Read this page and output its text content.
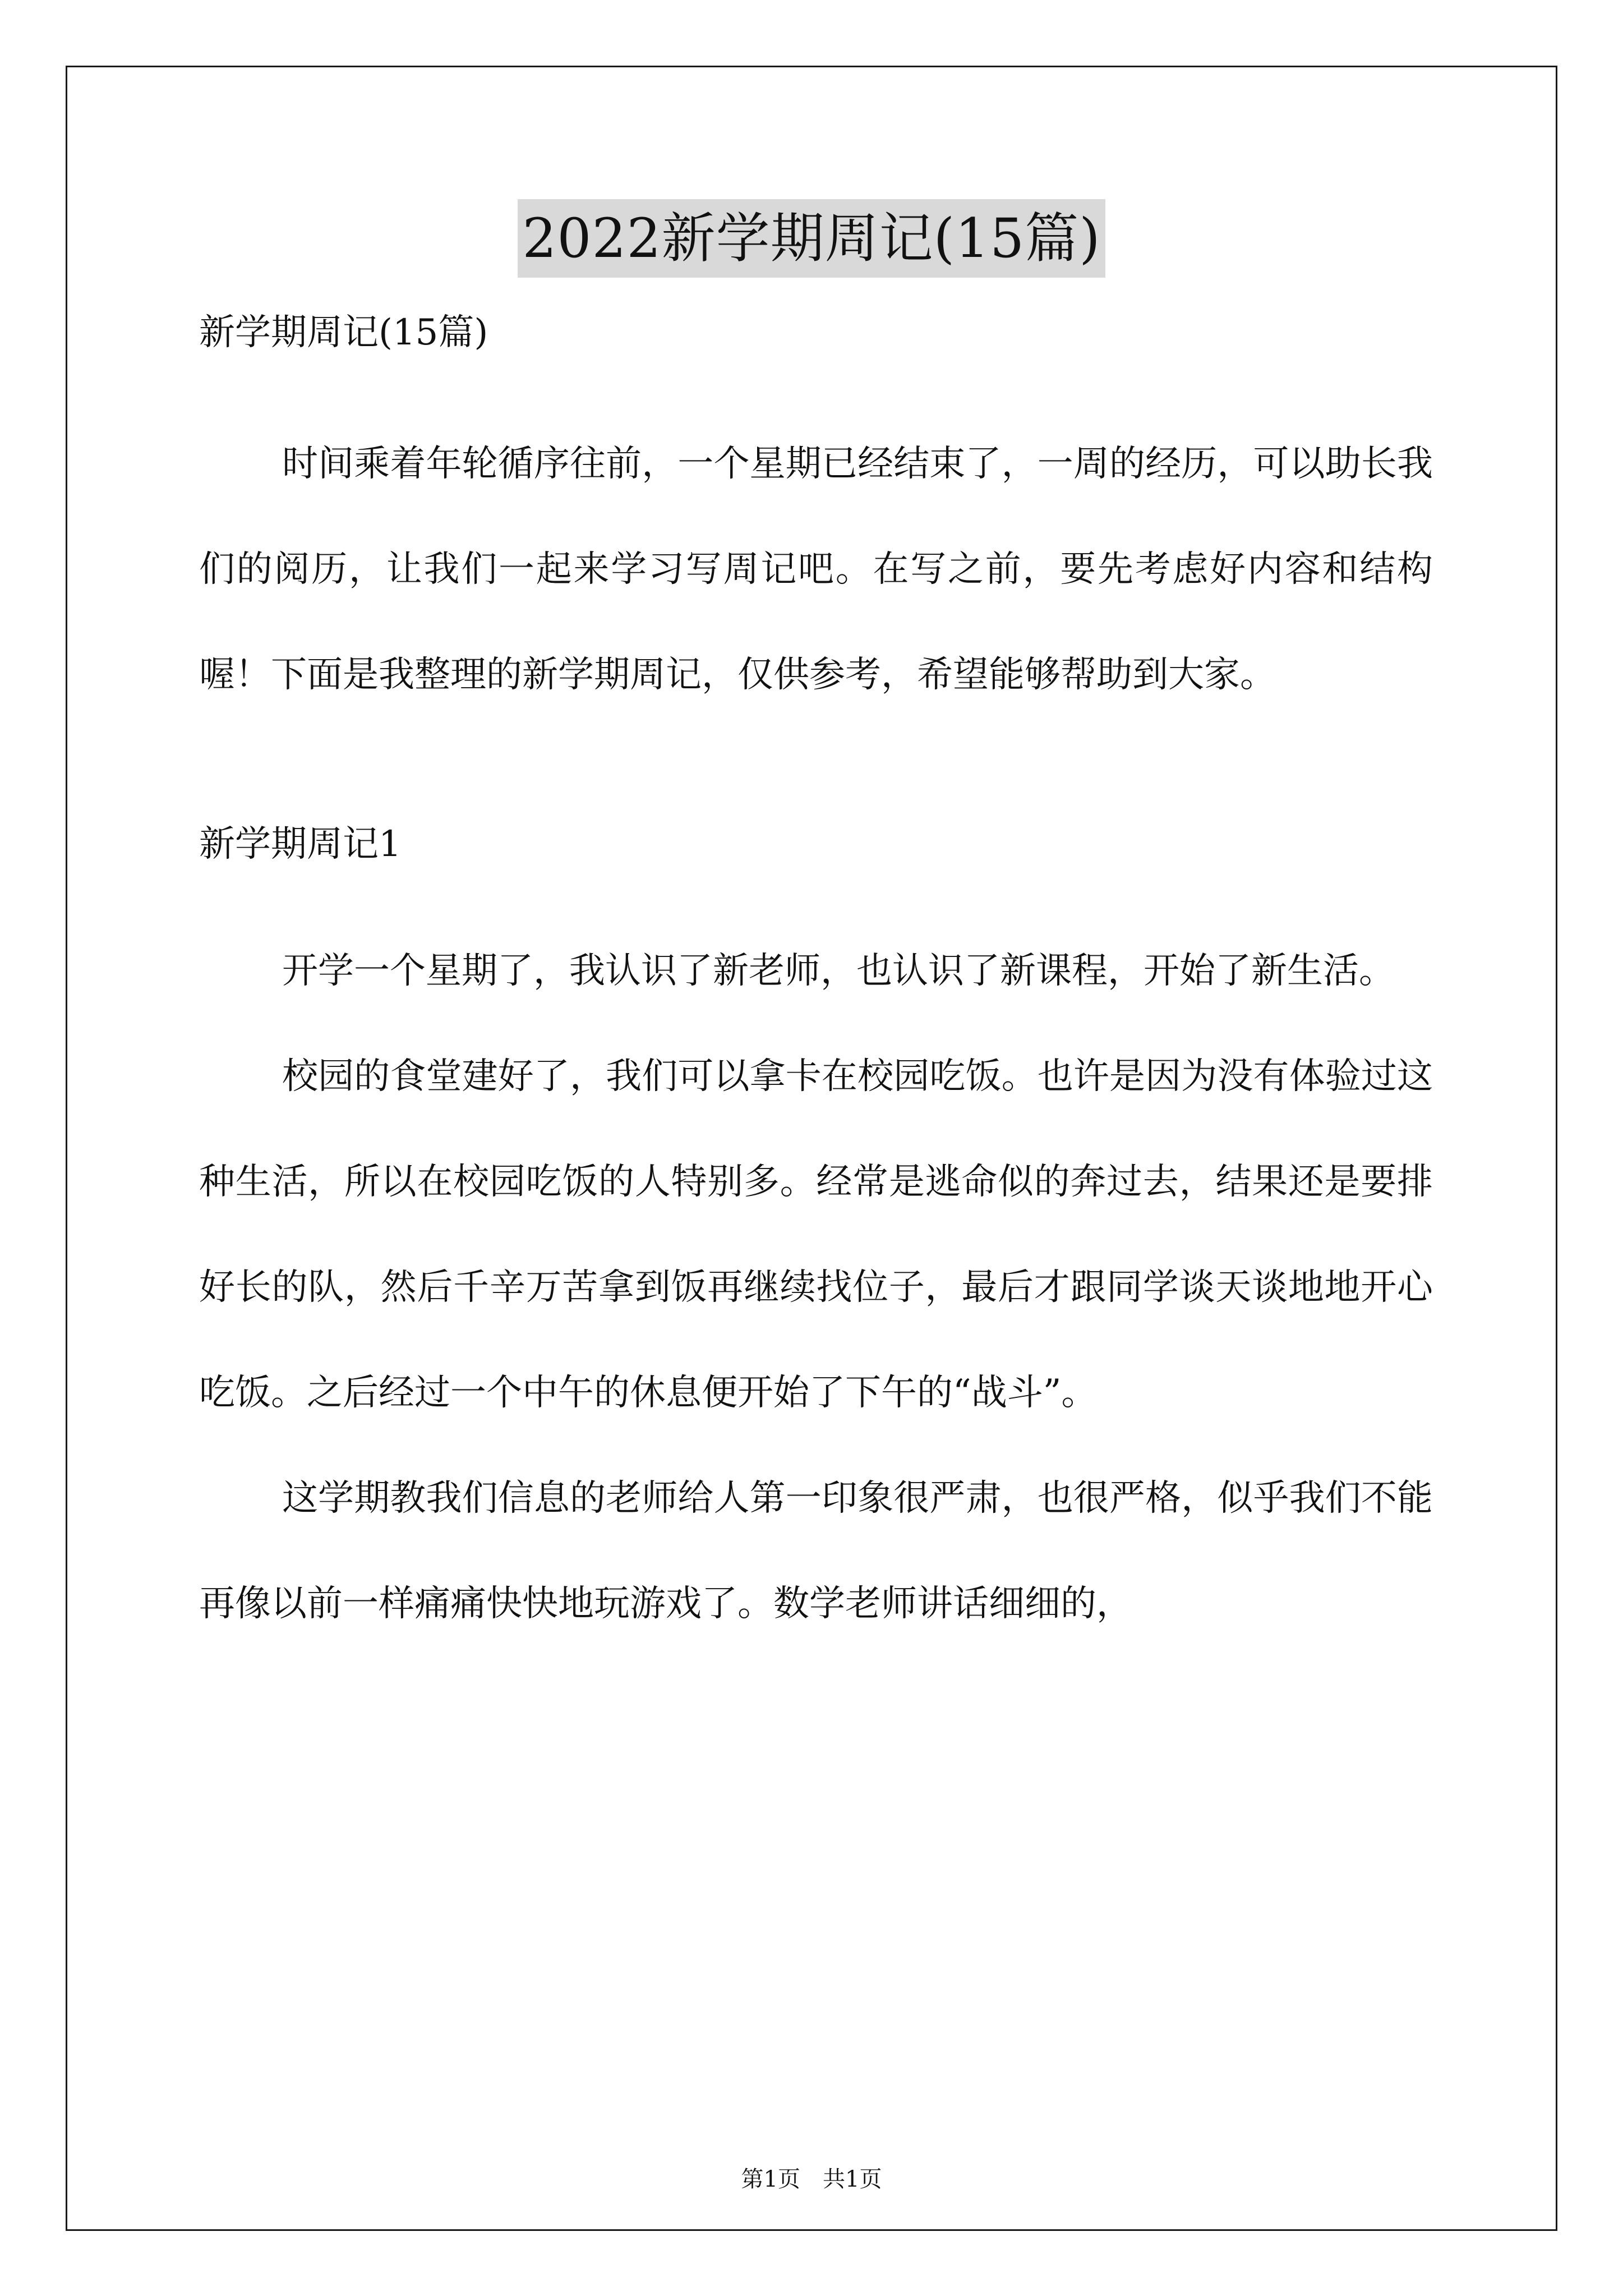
2022新学期周记(15篇)

新学期周记(15篇)

时间乘着年轮循序往前，一个星期已经结束了，一周的经历，可以助长我们的阅历，让我们一起来学习写周记吧。在写之前，要先考虑好内容和结构喔！下面是我整理的新学期周记，仅供参考，希望能够帮助到大家。

新学期周记1

开学一个星期了，我认识了新老师，也认识了新课程，开始了新生活。

校园的食堂建好了，我们可以拿卡在校园吃饭。也许是因为没有体验过这种生活，所以在校园吃饭的人特别多。经常是逃命似的奔过去，结果还是要排好长的队，然后千辛万苦拿到饭再继续找位子，最后才跟同学谈天谈地地开心吃饭。之后经过一个中午的休息便开始了下午的“战斗”。

这学期教我们信息的老师给人第一印象很严肃，也很严格，似乎我们不能再像以前一样痛痛快快地玩游戏了。数学老师讲话细细的，

第1页 共1页
